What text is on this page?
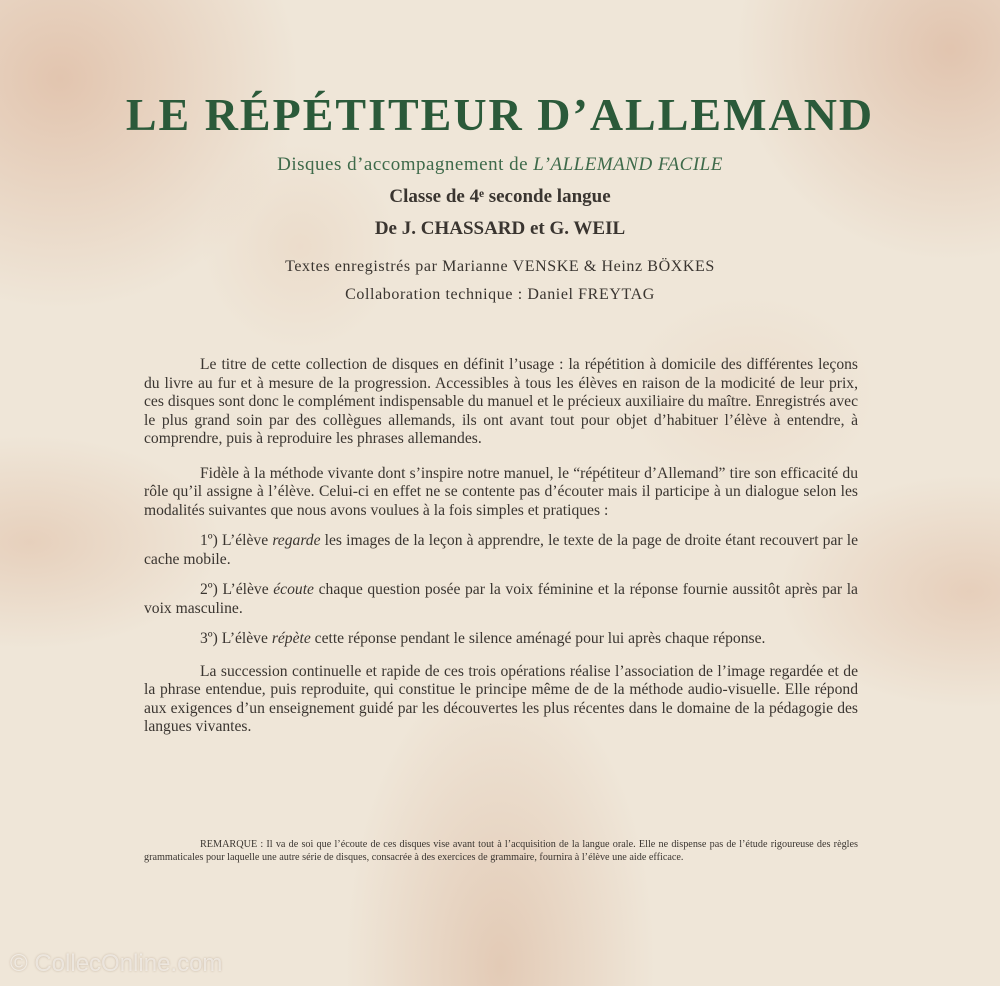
LE RÉPÉTITEUR D’ALLEMAND
Disques d’accompagnement de L’ALLEMAND FACILE
Classe de 4ᵉ seconde langue
De J. CHASSARD et G. WEIL
Textes enregistrés par Marianne VENSKE & Heinz BÖXKES
Collaboration technique : Daniel FREYTAG

Le titre de cette collection de disques en définit l’usage : la répétition à domicile des différentes leçons du livre au fur et à mesure de la progression. Accessibles à tous les élèves en raison de la modicité de leur prix, ces disques sont donc le complément indispensable du manuel et le précieux auxiliaire du maître. Enregistrés avec le plus grand soin par des collègues allemands, ils ont avant tout pour objet d’habituer l’élève à entendre, à comprendre, puis à reproduire les phrases allemandes.

Fidèle à la méthode vivante dont s’inspire notre manuel, le “répétiteur d’Allemand” tire son efficacité du rôle qu’il assigne à l’élève. Celui-ci en effet ne se contente pas d’écouter mais il participe à un dialogue selon les modalités suivantes que nous avons voulues à la fois simples et pratiques :

1º) L’élève regarde les images de la leçon à apprendre, le texte de la page de droite étant recouvert par le cache mobile.

2º) L’élève écoute chaque question posée par la voix féminine et la réponse fournie aussitôt après par la voix masculine.

3º) L’élève répète cette réponse pendant le silence aménagé pour lui après chaque réponse.

La succession continuelle et rapide de ces trois opérations réalise l’association de l’image regardée et de la phrase entendue, puis reproduite, qui constitue le principe même de de la méthode audio-visuelle. Elle répond aux exigences d’un enseignement guidé par les découvertes les plus récentes dans le domaine de la pédagogie des langues vivantes.

REMARQUE : Il va de soi que l’écoute de ces disques vise avant tout à l’acquisition de la langue orale. Elle ne dispense pas de l’étude rigoureuse des règles grammaticales pour laquelle une autre série de disques, consacrée à des exercices de grammaire, fournira à l’élève une aide efficace.

© CollecOnline.com
